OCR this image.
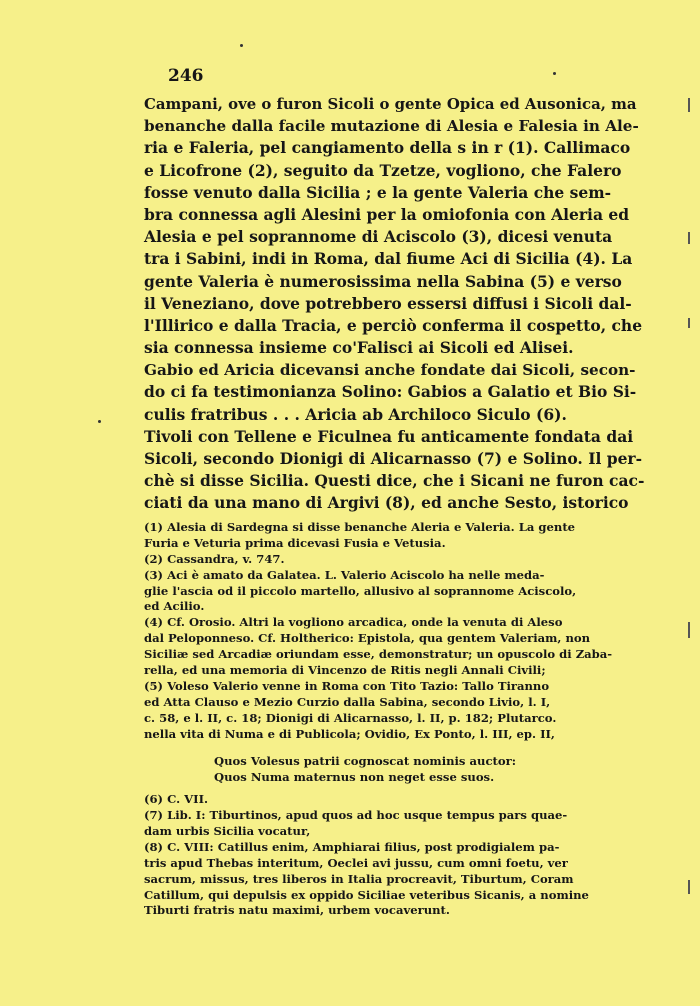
246
Campani, ove o furon Sicoli o gente Opica ed Ausonica, ma
benanche dalla facile mutazione di Alesia e Falesia in Ale-
ria e Faleria, pel cangiamento della s in r (1). Callimaco
e Licofrone (2), seguito da Tzetze, vogliono, che Falero
fosse venuto dalla Sicilia ; e la gente Valeria che sem-
bra connessa agli Alesini per la omiofonia con Aleria ed
Alesia e pel soprannome di Aciscolo (3), dicesi venuta
tra i Sabini, indi in Roma, dal fiume Aci di Sicilia (4). La
gente Valeria è numerosissima nella Sabina (5) e verso
il Veneziano, dove potrebbero essersi diffusi i Sicoli dal-
l'Illirico e dalla Tracia, e perciò conferma il cospetto, che
sia connessa insieme co'Falisci ai Sicoli ed Alisei.
Gabio ed Aricia dicevansi anche fondate dai Sicoli, secon-
do ci fa testimonianza Solino: Gabios a Galatio et Bio Si-
culis fratribus . . . Aricia ab Archiloco Siculo (6).
Tivoli con Tellene e Ficulnea fu anticamente fondata dai
Sicoli, secondo Dionigi di Alicarnasso (7) e Solino. Il per-
chè si disse Sicilia. Questi dice, che i Sicani ne furon cac-
ciati da una mano di Argivi (8), ed anche Sesto, istorico
(1) Alesia di Sardegna si disse benanche Aleria e Valeria. La gente
Furia e Veturia prima dicevasi Fusia e Vetusia.
(2) Cassandra, v. 747.
(3) Aci è amato da Galatea. L. Valerio Aciscolo ha nelle meda-
glie l'ascia od il piccolo martello, allusivo al soprannome Aciscolo,
ed Acilio.
(4) Cf. Orosio. Altri la vogliono arcadica, onde la venuta di Aleso
dal Peloponneso. Cf. Holtherico: Epistola, qua gentem Valeriam, non
Siciliæ sed Arcadiæ oriundam esse, demonstratur; un opuscolo di Zaba-
rella, ed una memoria di Vincenzo de Ritis negli Annali Civili;
(5) Voleso Valerio venne in Roma con Tito Tazio: Tallo Tiranno
ed Atta Clauso e Mezio Curzio dalla Sabina, secondo Livio, l. I,
c. 58, e l. II, c. 18; Dionigi di Alicarnasso, l. II, p. 182; Plutarco.
nella vita di Numa e di Publicola; Ovidio, Ex Ponto, l. III, ep. II,
Quos Volesus patrii cognoscat nominis auctor:
Quos Numa maternus non neget esse suos.
(6) C. VII.
(7) Lib. I: Tiburtinos, apud quos ad hoc usque tempus pars quae-
dam urbis Sicilia vocatur,
(8) C. VIII: Catillus enim, Amphiarai filius, post prodigialem pa-
tris apud Thebas interitum, Oeclei avi jussu, cum omni foetu, ver
sacrum, missus, tres liberos in Italia procreavit, Tiburtum, Coram
Catillum, qui depulsis ex oppido Siciliae veteribus Sicanis, a nomine
Tiburti fratris natu maximi, urbem vocaverunt.
